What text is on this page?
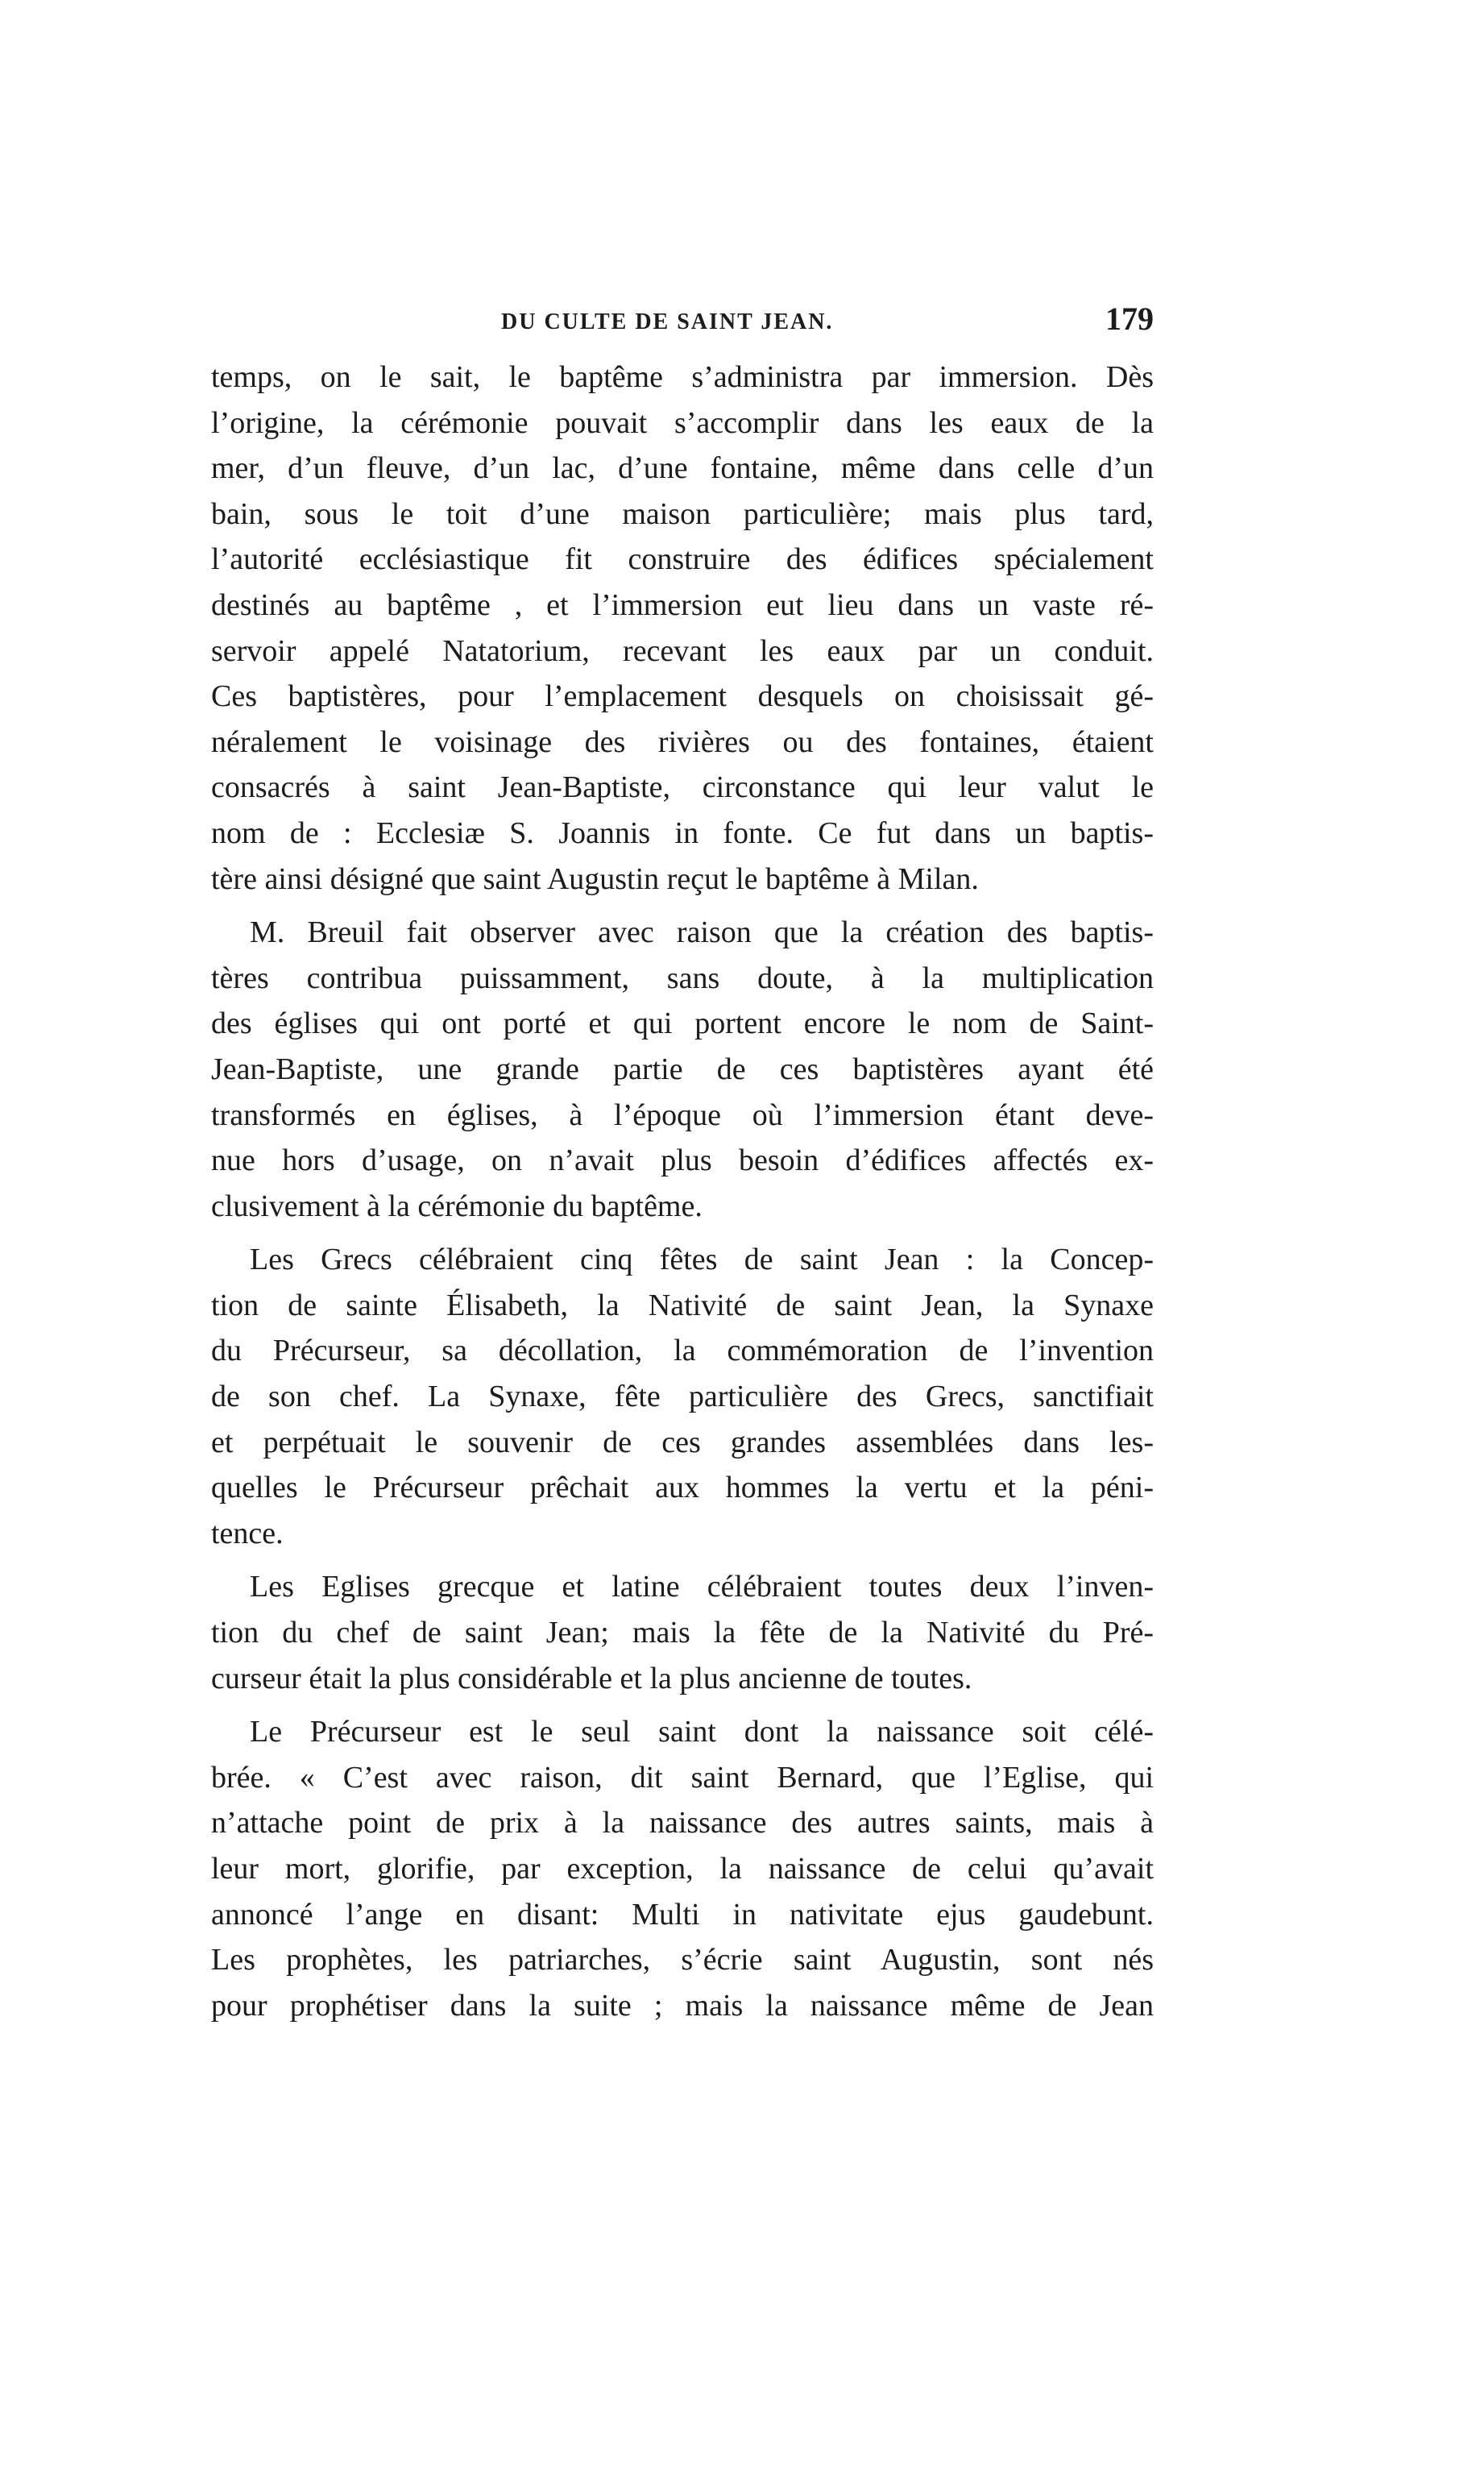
DU CULTE DE SAINT JEAN.	179

temps, on le sait, le baptême s’administra par immersion. Dès
l’origine, la cérémonie pouvait s’accomplir dans les eaux de la
mer, d’un fleuve, d’un lac, d’une fontaine, même dans celle d’un
bain, sous le toit d’une maison particulière; mais plus tard,
l’autorité ecclésiastique fit construire des édifices spécialement
destinés au baptême , et l’immersion eut lieu dans un vaste ré-
servoir appelé Natatorium, recevant les eaux par un conduit.
Ces baptistères, pour l’emplacement desquels on choisissait gé-
néralement le voisinage des rivières ou des fontaines, étaient
consacrés à saint Jean-Baptiste, circonstance qui leur valut le
nom de : Ecclesiæ S. Joannis in fonte. Ce fut dans un baptis-
tère ainsi désigné que saint Augustin reçut le baptême à Milan.

M. Breuil fait observer avec raison que la création des baptis-
tères contribua puissamment, sans doute, à la multiplication
des églises qui ont porté et qui portent encore le nom de Saint-
Jean-Baptiste, une grande partie de ces baptistères ayant été
transformés en églises, à l’époque où l’immersion étant deve-
nue hors d’usage, on n’avait plus besoin d’édifices affectés ex-
clusivement à la cérémonie du baptême.

Les Grecs célébraient cinq fêtes de saint Jean : la Concep-
tion de sainte Élisabeth, la Nativité de saint Jean, la Synaxe
du Précurseur, sa décollation, la commémoration de l’invention
de son chef. La Synaxe, fête particulière des Grecs, sanctifiait
et perpétuait le souvenir de ces grandes assemblées dans les-
quelles le Précurseur prêchait aux hommes la vertu et la péni-
tence.

Les Eglises grecque et latine célébraient toutes deux l’inven-
tion du chef de saint Jean; mais la fête de la Nativité du Pré-
curseur était la plus considérable et la plus ancienne de toutes.

Le Précurseur est le seul saint dont la naissance soit célé-
brée. « C’est avec raison, dit saint Bernard, que l’Eglise, qui
n’attache point de prix à la naissance des autres saints, mais à
leur mort, glorifie, par exception, la naissance de celui qu’avait
annoncé l’ange en disant: Multi in nativitate ejus gaudebunt.
Les prophètes, les patriarches, s’écrie saint Augustin, sont nés
pour prophétiser dans la suite ; mais la naissance même de Jean
